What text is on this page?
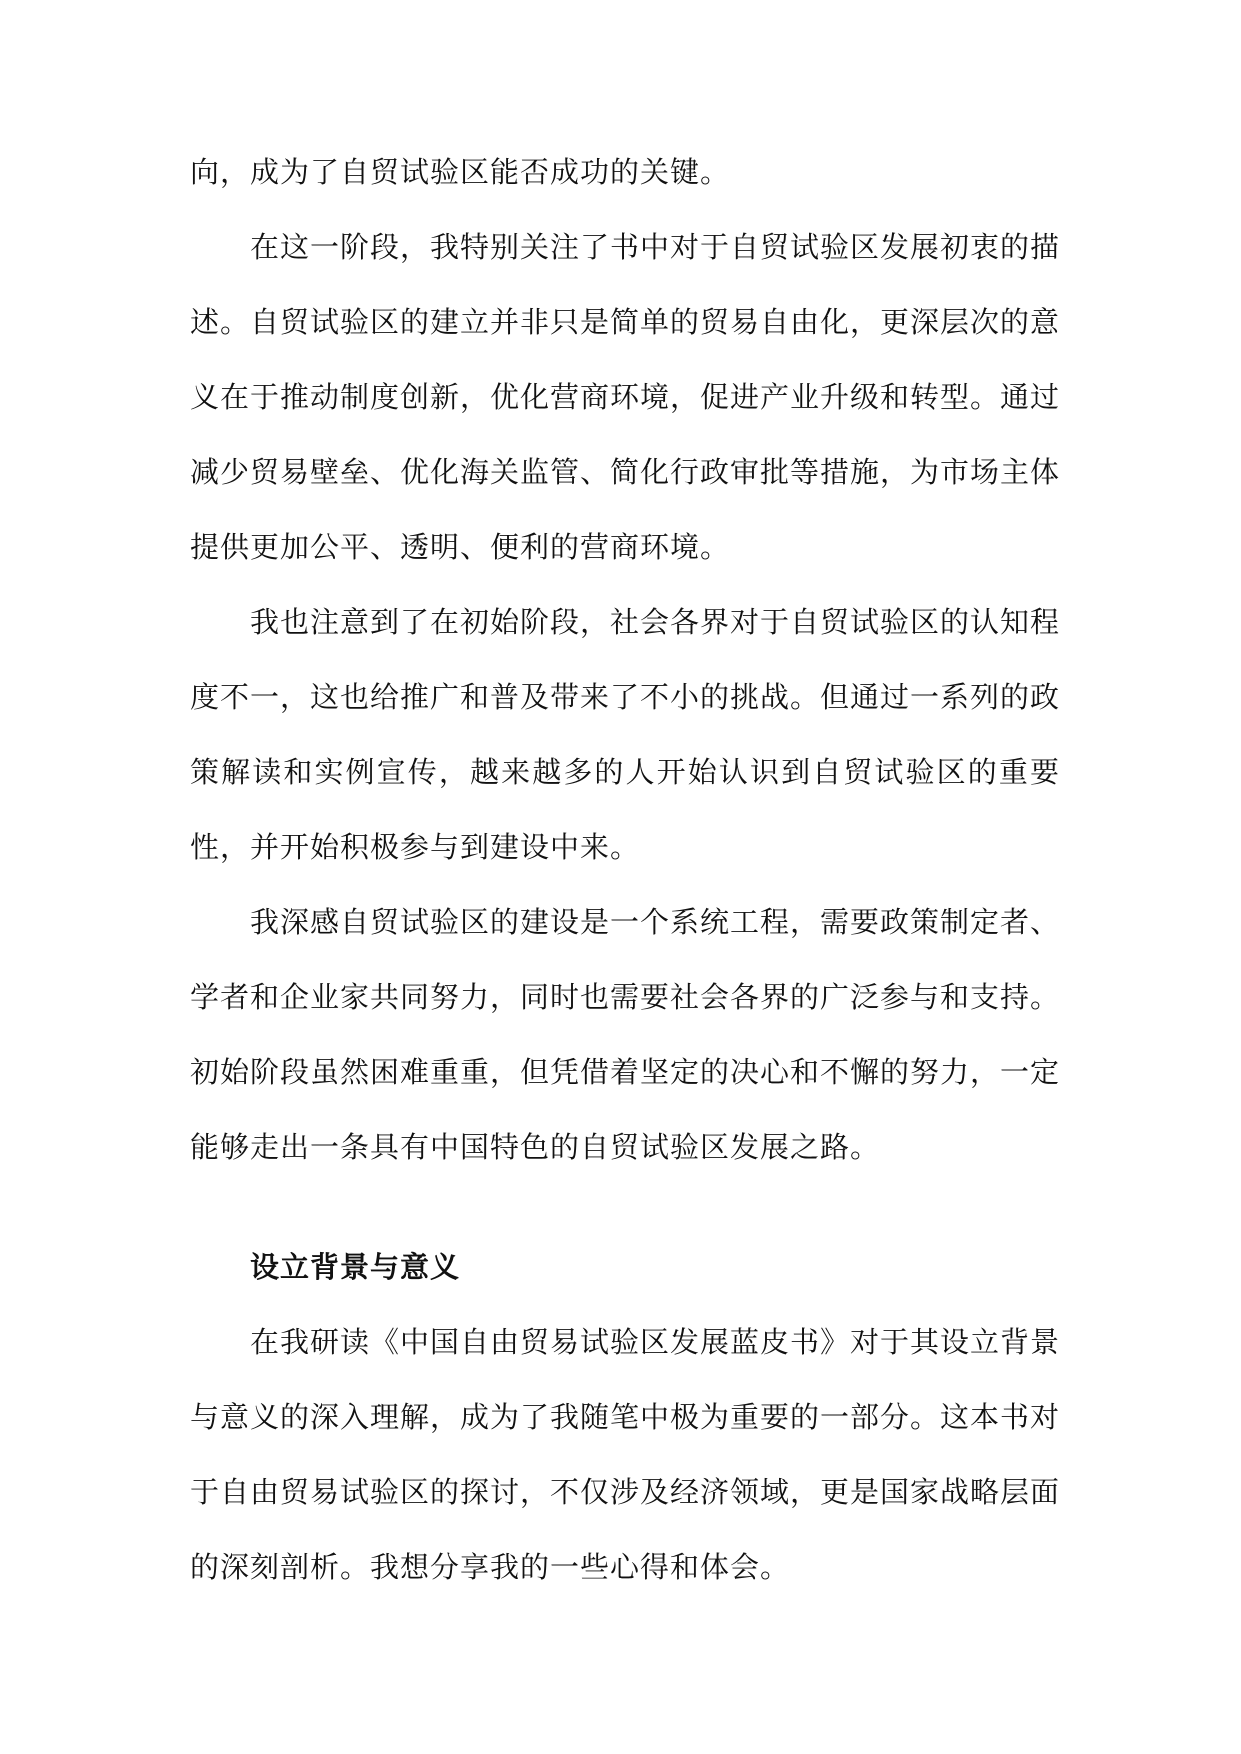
向，成为了自贸试验区能否成功的关键。

在这一阶段，我特别关注了书中对于自贸试验区发展初衷的描述。自贸试验区的建立并非只是简单的贸易自由化，更深层次的意义在于推动制度创新，优化营商环境，促进产业升级和转型。通过减少贸易壁垒、优化海关监管、简化行政审批等措施，为市场主体提供更加公平、透明、便利的营商环境。

我也注意到了在初始阶段，社会各界对于自贸试验区的认知程度不一，这也给推广和普及带来了不小的挑战。但通过一系列的政策解读和实例宣传，越来越多的人开始认识到自贸试验区的重要性，并开始积极参与到建设中来。

我深感自贸试验区的建设是一个系统工程，需要政策制定者、学者和企业家共同努力，同时也需要社会各界的广泛参与和支持。初始阶段虽然困难重重，但凭借着坚定的决心和不懈的努力，一定能够走出一条具有中国特色的自贸试验区发展之路。

设立背景与意义

在我研读《中国自由贸易试验区发展蓝皮书》对于其设立背景与意义的深入理解，成为了我随笔中极为重要的一部分。这本书对于自由贸易试验区的探讨，不仅涉及经济领域，更是国家战略层面的深刻剖析。我想分享我的一些心得和体会。
